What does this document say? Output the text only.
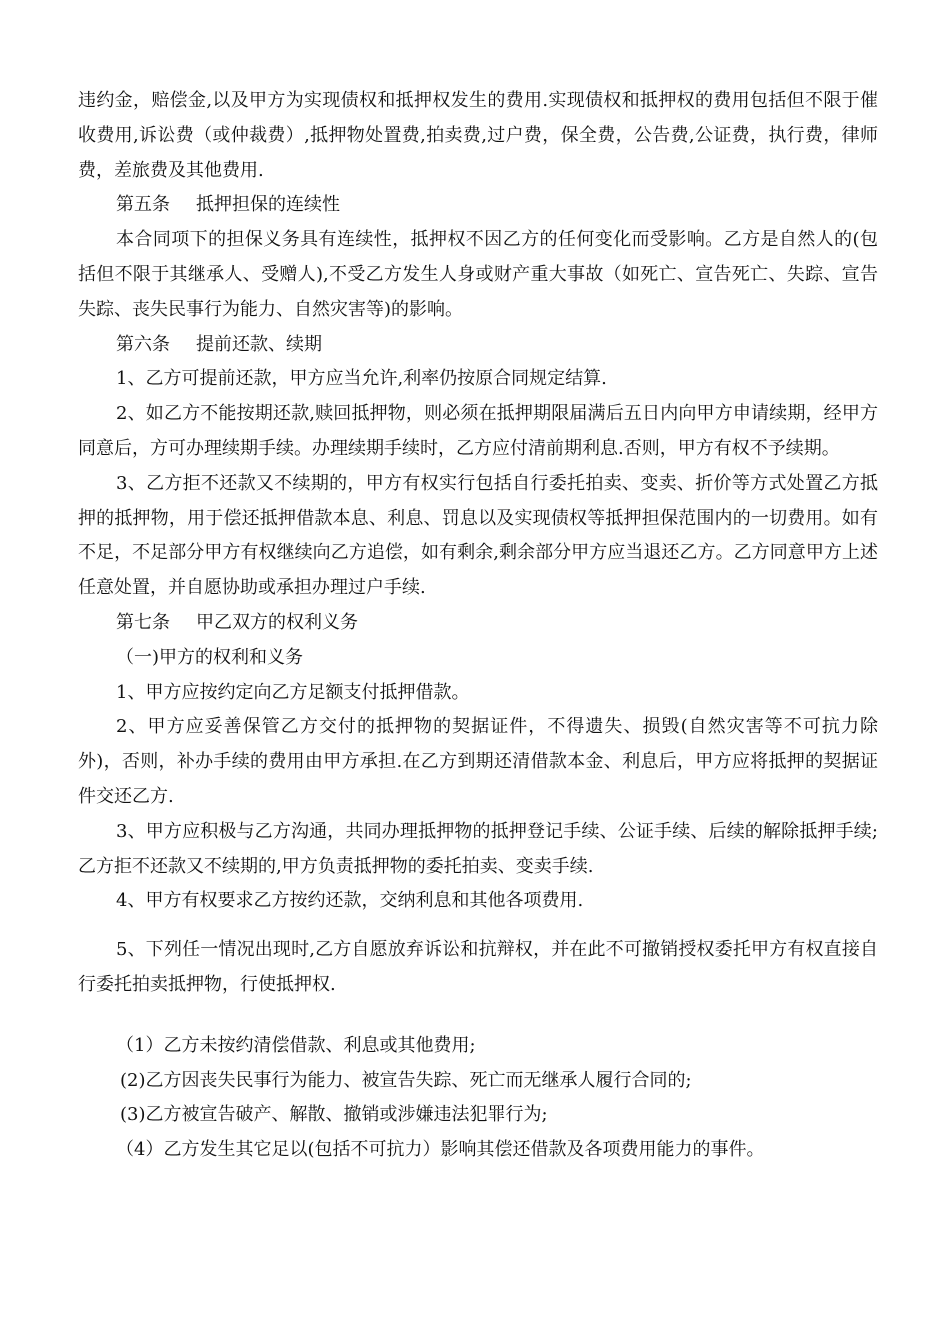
违约金，赔偿金,以及甲方为实现债权和抵押权发生的费用.实现债权和抵押权的费用包括但不限于催收费用,诉讼费（或仲裁费）,抵押物处置费,拍卖费,过户费，保全费，公告费,公证费，执行费，律师费，差旅费及其他费用.

第五条 抵押担保的连续性

本合同项下的担保义务具有连续性，抵押权不因乙方的任何变化而受影响。乙方是自然人的(包括但不限于其继承人、受赠人),不受乙方发生人身或财产重大事故（如死亡、宣告死亡、失踪、宣告失踪、丧失民事行为能力、自然灾害等)的影响。

第六条 提前还款、续期

1、乙方可提前还款，甲方应当允许,利率仍按原合同规定结算.

2、如乙方不能按期还款,赎回抵押物，则必须在抵押期限届满后五日内向甲方申请续期，经甲方同意后，方可办理续期手续。办理续期手续时，乙方应付清前期利息.否则，甲方有权不予续期。

3、乙方拒不还款又不续期的，甲方有权实行包括自行委托拍卖、变卖、折价等方式处置乙方抵押的抵押物，用于偿还抵押借款本息、利息、罚息以及实现债权等抵押担保范围内的一切费用。如有不足，不足部分甲方有权继续向乙方追偿，如有剩余,剩余部分甲方应当退还乙方。乙方同意甲方上述任意处置，并自愿协助或承担办理过户手续.

第七条 甲乙双方的权利义务

（一)甲方的权利和义务

1、甲方应按约定向乙方足额支付抵押借款。

2、甲方应妥善保管乙方交付的抵押物的契据证件，不得遗失、损毁(自然灾害等不可抗力除外)，否则，补办手续的费用由甲方承担.在乙方到期还清借款本金、利息后，甲方应将抵押的契据证件交还乙方.

3、甲方应积极与乙方沟通，共同办理抵押物的抵押登记手续、公证手续、后续的解除抵押手续;乙方拒不还款又不续期的,甲方负责抵押物的委托拍卖、变卖手续.

4、甲方有权要求乙方按约还款，交纳利息和其他各项费用.

5、下列任一情况出现时,乙方自愿放弃诉讼和抗辩权，并在此不可撤销授权委托甲方有权直接自行委托拍卖抵押物，行使抵押权.

（1）乙方未按约清偿借款、利息或其他费用;

(2)乙方因丧失民事行为能力、被宣告失踪、死亡而无继承人履行合同的;

(3)乙方被宣告破产、解散、撤销或涉嫌违法犯罪行为;

（4）乙方发生其它足以(包括不可抗力）影响其偿还借款及各项费用能力的事件。
